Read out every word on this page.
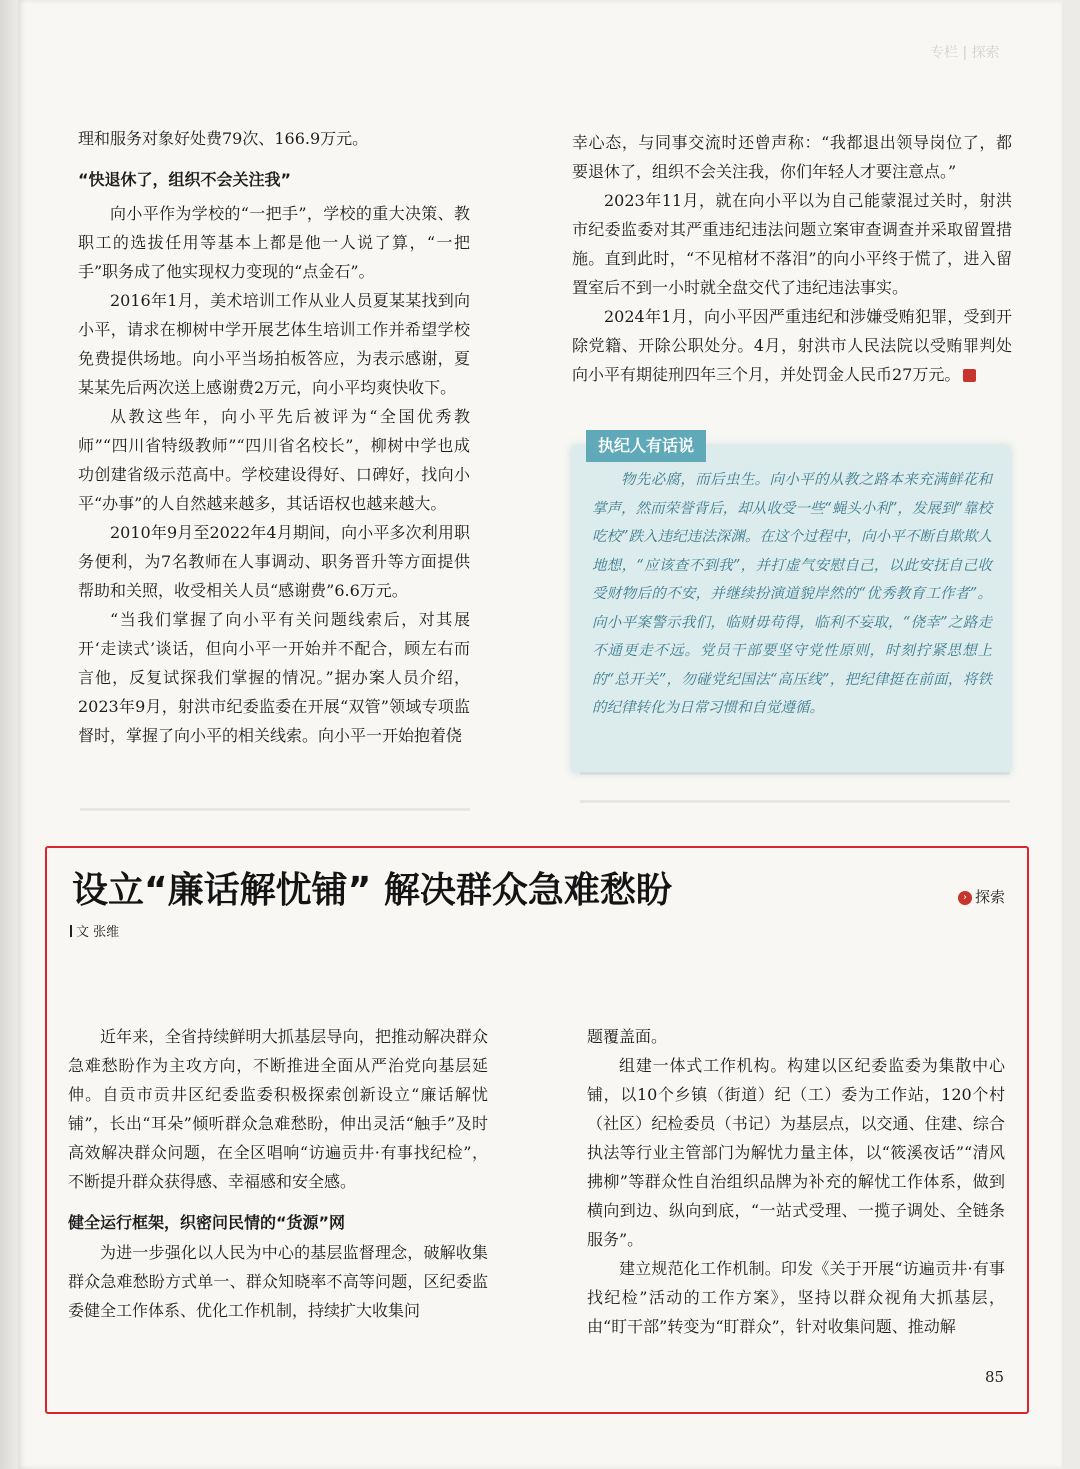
专栏 | 探索

理和服务对象好处费79次、166.9万元。

“快退休了，组织不会关注我”

向小平作为学校的“一把手”，学校的重大决策、教职工的选拔任用等基本上都是他一人说了算，“一把手”职务成了他实现权力变现的“点金石”。

2016年1月，美术培训工作从业人员夏某某找到向小平，请求在柳树中学开展艺体生培训工作并希望学校免费提供场地。向小平当场拍板答应，为表示感谢，夏某某先后两次送上感谢费2万元，向小平均爽快收下。

从教这些年，向小平先后被评为“全国优秀教师”“四川省特级教师”“四川省名校长”，柳树中学也成功创建省级示范高中。学校建设得好、口碑好，找向小平“办事”的人自然越来越多，其话语权也越来越大。

2010年9月至2022年4月期间，向小平多次利用职务便利，为7名教师在人事调动、职务晋升等方面提供帮助和关照，收受相关人员“感谢费”6.6万元。

“当我们掌握了向小平有关问题线索后，对其展开‘走读式’谈话，但向小平一开始并不配合，顾左右而言他，反复试探我们掌握的情况。”据办案人员介绍，2023年9月，射洪市纪委监委在开展“双管”领域专项监督时，掌握了向小平的相关线索。向小平一开始抱着侥

幸心态，与同事交流时还曾声称：“我都退出领导岗位了，都要退休了，组织不会关注我，你们年轻人才要注意点。”

2023年11月，就在向小平以为自己能蒙混过关时，射洪市纪委监委对其严重违纪违法问题立案审查调查并采取留置措施。直到此时，“不见棺材不落泪”的向小平终于慌了，进入留置室后不到一小时就全盘交代了违纪违法事实。

2024年1月，向小平因严重违纪和涉嫌受贿犯罪，受到开除党籍、开除公职处分。4月，射洪市人民法院以受贿罪判处向小平有期徒刑四年三个月，并处罚金人民币27万元。

执纪人有话说
物先必腐，而后虫生。向小平的从教之路本来充满鲜花和掌声，然而荣誉背后，却从收受一些“蝇头小利”，发展到“靠校吃校”跌入违纪违法深渊。在这个过程中，向小平不断自欺欺人地想，“应该查不到我”，并打虚气安慰自己，以此安抚自己收受财物后的不安，并继续扮演道貌岸然的“优秀教育工作者”。向小平案警示我们，临财毋苟得，临利不妄取，“侥幸”之路走不通更走不远。党员干部要坚守党性原则，时刻拧紧思想上的“总开关”，勿碰党纪国法“高压线”，把纪律挺在前面，将铁的纪律转化为日常习惯和自觉遵循。
设立“廉话解忧铺” 解决群众急难愁盼	› 探索
文 张维

近年来，全省持续鲜明大抓基层导向，把推动解决群众急难愁盼作为主攻方向，不断推进全面从严治党向基层延伸。自贡市贡井区纪委监委积极探索创新设立“廉话解忧铺”，长出“耳朵”倾听群众急难愁盼，伸出灵活“触手”及时高效解决群众问题，在全区唱响“访遍贡井·有事找纪检”，不断提升群众获得感、幸福感和安全感。

健全运行框架，织密问民情的“货源”网

为进一步强化以人民为中心的基层监督理念，破解收集群众急难愁盼方式单一、群众知晓率不高等问题，区纪委监委健全工作体系、优化工作机制，持续扩大收集问

题覆盖面。

组建一体式工作机构。构建以区纪委监委为集散中心铺，以10个乡镇（街道）纪（工）委为工作站，120个村（社区）纪检委员（书记）为基层点，以交通、住建、综合执法等行业主管部门为解忧力量主体，以“筱溪夜话”“清风拂柳”等群众性自治组织品牌为补充的解忧工作体系，做到横向到边、纵向到底，“一站式受理、一揽子调处、全链条服务”。

建立规范化工作机制。印发《关于开展“访遍贡井·有事找纪检”活动的工作方案》，坚持以群众视角大抓基层，由“盯干部”转变为“盯群众”，针对收集问题、推动解

85
